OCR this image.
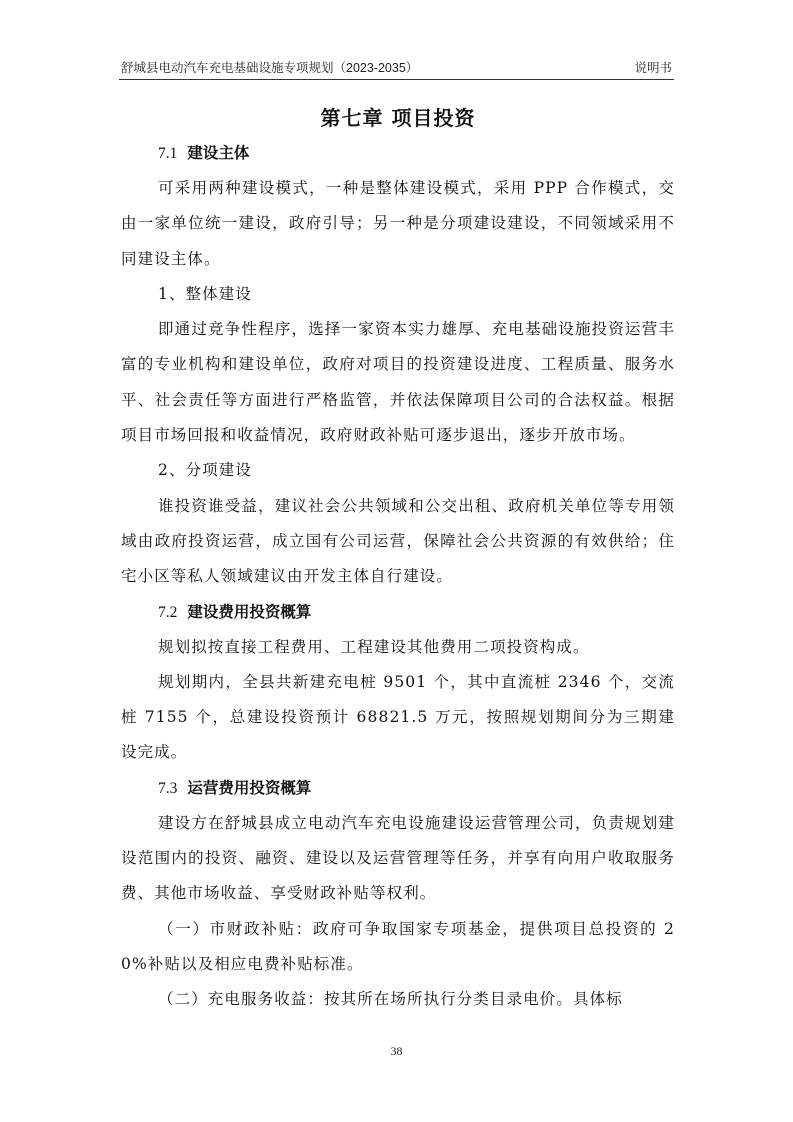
舒城县电动汽车充电基础设施专项规划（2023-2035）	说明书
第七章 项目投资
7.1 建设主体

可采用两种建设模式，一种是整体建设模式，采用 PPP 合作模式，交由一家单位统一建设，政府引导；另一种是分项建设建设，不同领域采用不同建设主体。

1、整体建设

即通过竞争性程序，选择一家资本实力雄厚、充电基础设施投资运营丰富的专业机构和建设单位，政府对项目的投资建设进度、工程质量、服务水平、社会责任等方面进行严格监管，并依法保障项目公司的合法权益。根据项目市场回报和收益情况，政府财政补贴可逐步退出，逐步开放市场。

2、分项建设

谁投资谁受益，建议社会公共领域和公交出租、政府机关单位等专用领域由政府投资运营，成立国有公司运营，保障社会公共资源的有效供给；住宅小区等私人领域建议由开发主体自行建设。

7.2 建设费用投资概算

规划拟按直接工程费用、工程建设其他费用二项投资构成。

规划期内，全县共新建充电桩 9501 个，其中直流桩 2346 个，交流桩 7155 个，总建设投资预计 68821.5 万元，按照规划期间分为三期建设完成。

7.3 运营费用投资概算

建设方在舒城县成立电动汽车充电设施建设运营管理公司，负责规划建设范围内的投资、融资、建设以及运营管理等任务，并享有向用户收取服务费、其他市场收益、享受财政补贴等权利。

（一）市财政补贴：政府可争取国家专项基金，提供项目总投资的 20%补贴以及相应电费补贴标准。

（二）充电服务收益：按其所在场所执行分类目录电价。具体标

38
